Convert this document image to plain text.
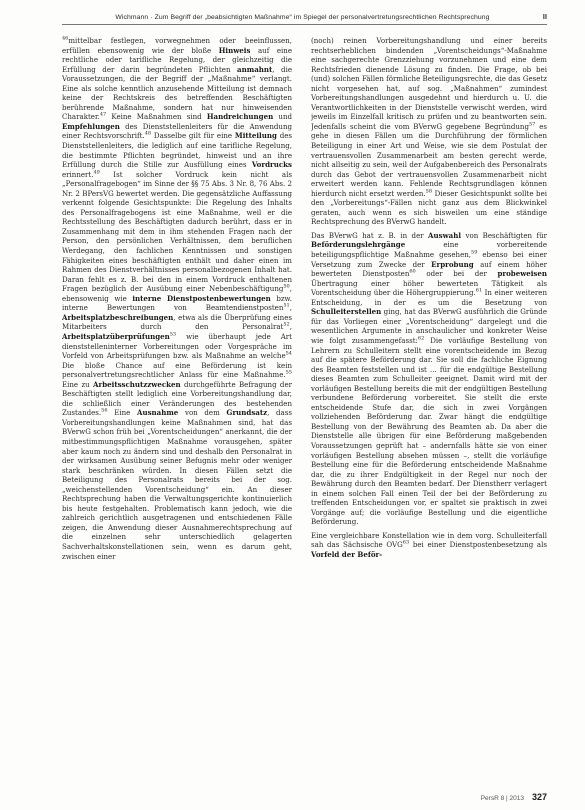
Wichmann · Zum Begriff der „beabsichtigten Maßnahme“ im Spiegel der personalvertretungsrechtlichen Rechtsprechung	II

$^{46}$mittelbar festlegen, vorwegnehmen oder beeinflussen, erfüllen ebensowenig wie der bloße Hinweis auf eine rechtliche oder tarifliche Regelung, der gleichzeitig die Erfüllung der darin begründeten Pflichten anmahnt, die Voraussetzungen, die der Begriff der „Maßnahme“ verlangt. Eine als solche kenntlich anzusehende Mitteilung ist demnach keine der Rechtskreis des betreffenden Beschäftigten berührende Maßnahme, sondern hat nur hinweisenden Charakter.$^{47}$ Keine Maßnahmen sind Handreichungen und Empfehlungen des Dienststellenleiters für die Anwendung einer Rechtsvorschrift.$^{48}$ Dasselbe gilt für eine Mitteilung des Dienststellenleiters, die lediglich auf eine tarifliche Regelung, die bestimmte Pflichten begründet, hinweist und an ihre Erfüllung durch die Stille zur Ausfüllung eines Vordrucks erinnert.$^{49}$ Ist solcher Vordruck kein nicht als „Personalfragebogen“ im Sinne der §§ 75 Abs. 3 Nr. 8, 76 Abs. 2 Nr. 2 BPersVG bewertet werden. Die gegensätzliche Auffassung verkennt folgende Gesichtspunkte: Die Regelung des Inhalts des Personalfragebogens ist eine Maßnahme, weil er die Rechtsstellung des Beschäftigten dadurch berührt, dass er in Zusammenhang mit dem in ihm stehenden Fragen nach der Person, den persönlichen Verhältnissen, dem beruflichen Werdegang, den fachlichen Kenntnissen und sonstigen Fähigkeiten eines beschäftigten enthält und daher einen im Rahmen des Dienstverhältnisses personalbezogenen Inhalt hat. Daran fehlt es z. B. bei den in einem Vordruck enthaltenen Fragen bezüglich der Ausübung einer Nebenbeschäftigung$^{50}$, ebensowenig wie interne Dienstpostenbewertungen bzw. interne Bewertungen von Beamtendienstposten$^{51}$, Arbeitsplatzbeschreibungen, etwa als die Überprüfung eines Mitarbeiters durch den Personalrat$^{52}$, Arbeitsplatzüberprüfungen$^{53}$ wie überhaupt jede Art dienststelleninterner Vorbereitungen oder Vorgespräche im Vorfeld von Arbeitsprüfungen bzw. als Maßnahme an welche$^{54}$ Die bloße Chance auf eine Beförderung ist kein personalvertretungsrechtlicher Anlass für eine Maßnahme.$^{55}$ Eine zu Arbeitsschutzzwecken durchgeführte Befragung der Beschäftigten stellt lediglich eine Vorbereitungshandlung dar, die schließlich einer Veränderungen des bestehenden Zustandes.$^{56}$ Eine Ausnahme von dem Grundsatz, dass Vorbereitungshandlungen keine Maßnahmen sind, hat das BVerwG schon früh bei „Vorentscheidungen“ anerkannt, die der mitbestimmungspflichtigen Maßnahme vorausgehen, später aber kaum noch zu ändern sind und deshalb den Personalrat in der wirksamen Ausübung seiner Befugnis mehr oder weniger stark beschränken würden. In diesen Fällen setzt die Beteiligung des Personalrats bereits bei der sog. „weichenstellenden Vorentscheidung“ ein. An dieser Rechtsprechung haben die Verwaltungsgerichte kontinuierlich bis heute festgehalten. Problematisch kann jedoch, wie die zahlreich gerichtlich ausgetragenen und entschiedenen Fälle zeigen, die Anwendung dieser Ausnahmerechtsprechung auf die einzelnen sehr unterschiedlich gelagerten Sachverhaltskonstellationen sein, wenn es darum geht, zwischen einer

(noch) reinen Vorbereitungshandlung und einer bereits rechtserheblichen bindenden „Vorentscheidungs“-Maßnahme eine sachgerechte Grenzziehung vorzunehmen und eine dem Rechtsfrieden dienende Lösung zu finden. Die Frage, ob bei (und) solchen Fällen förmliche Beteiligungsrechte, die das Gesetz nicht vorgesehen hat, auf sog. „Maßnahmen“ zumindest Vorbereitungshandlungen ausgedehnt und hierdurch u. U. die Verantwortlichkeiten in der Dienststelle verwischt werden, wird jeweils im Einzelfall kritisch zu prüfen und zu beantworten sein. Jedenfalls scheint die vom BVerwG gegebene Begründung$^{57}$ es gehe in diesen Fällen um die Durchführung der förmlichen Beteiligung in einer Art und Weise, wie sie dem Postulat der vertrauensvollen Zusammenarbeit am besten gerecht werde, nicht allseitig zu sein, weil der Aufgabenbereich des Personalrats durch das Gebot der vertrauensvollen Zusammenarbeit nicht erweitert werden kann. Fehlende Rechtsgrundlagen können hierdurch nicht ersetzt werden.$^{58}$ Dieser Gesichtspunkt sollte bei den „Vorbereitungs“-Fällen nicht ganz aus dem Blickwinkel geraten, auch wenn es sich bisweilen um eine ständige Rechtsprechung des BVerwG handelt.

Das BVerwG hat z. B. in der Auswahl von Beschäftigten für Beförderungslehrgänge eine vorbereitende beteiligungspflichtige Maßnahme gesehen,$^{59}$ ebenso bei einer Versetzung zum Zwecke der Erprobung auf einem höher bewerteten Dienstposten$^{60}$ oder bei der probeweisen Übertragung einer höher bewerteten Tätigkeit als Vorentscheidung über die Höhergruppierung.$^{61}$ In einer weiteren Entscheidung, in der es um die Besetzung von Schulleiterstellen ging, hat das BVerwG ausführlich die Gründe für das Vorliegen einer „Vorentscheidung“ dargelegt und die wesentlichen Argumente in anschaulicher und konkreter Weise wie folgt zusammengefasst:$^{62}$ Die vorläufige Bestellung von Lehrern zu Schulleitern stellt eine vorentscheidende im Bezug auf die spätere Beförderung dar. Sie soll die fachliche Eignung des Beamten feststellen und ist ... für die endgültige Bestellung dieses Beamten zum Schulleiter geeignet. Damit wird mit der vorläufigen Bestellung bereits die mit der endgültigen Bestellung verbundene Beförderung vorbereitet. Sie stellt die erste entscheidende Stufe dar, die sich in zwei Vorgängen vollziehenden Beförderung dar. Zwar hängt die endgültige Bestellung von der Bewährung des Beamten ab. Da aber die Dienststelle alle übrigen für eine Beförderung maßgebenden Voraussetzungen geprüft hat – andernfalls hätte sie von einer vorläufigen Bestellung absehen müssen –, stellt die vorläufige Bestellung eine für die Beförderung entscheidende Maßnahme dar, die zu ihrer Endgültigkeit in der Regel nur noch der Bewährung durch den Beamten bedarf. Der Dienstherr verlagert in einem solchen Fall einen Teil der bei der Beförderung zu treffenden Entscheidungen vor, er spaltet sie praktisch in zwei Vorgänge auf; die vorläufige Bestellung und die eigentliche Beförderung.

Eine vergleichbare Konstellation wie in dem vorg. Schulleiterfall sah das Sächsische OVG$^{63}$ bei einer Dienstpostenbesetzung als Vorfeld der Beför-

PersR 8 | 2013 327
